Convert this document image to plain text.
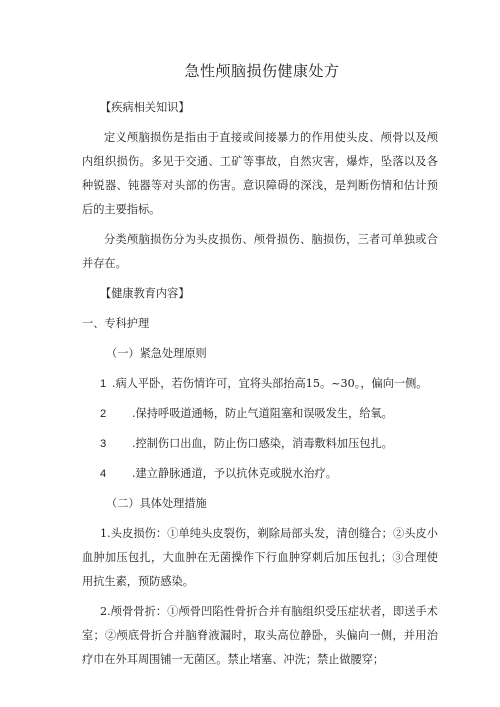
急性颅脑损伤健康处方
【疾病相关知识】
定义颅脑损伤是指由于直接或间接暴力的作用使头皮、颅骨以及颅内组织损伤。多见于交通、工矿等事故，自然灾害，爆炸，坠落以及各种锐器、钝器等对头部的伤害。意识障碍的深浅，是判断伤情和估计预后的主要指标。
分类颅脑损伤分为头皮损伤、颅骨损伤、脑损伤，三者可单独或合并存在。
【健康教育内容】
一、专科护理
（一）紧急处理原则
1 .病人平卧，若伤情许可，宜将头部抬高15。~30。，偏向一侧。
2 .保持呼吸道通畅，防止气道阻塞和误吸发生，给氧。
3 .控制伤口出血，防止伤口感染，消毒敷料加压包扎。
4 .建立静脉通道，予以抗休克或脱水治疗。
（二）具体处理措施
1.头皮损伤：①单纯头皮裂伤，剃除局部头发，清创缝合；②头皮小血肿加压包扎，大血肿在无菌操作下行血肿穿刺后加压包扎；③合理使用抗生素，预防感染。
2.颅骨骨折：①颅骨凹陷性骨折合并有脑组织受压症状者，即送手术室；②颅底骨折合并脑脊液漏时，取头高位静卧，头偏向一侧，并用治疗巾在外耳周围铺一无菌区。禁止堵塞、冲洗；禁止做腰穿；
